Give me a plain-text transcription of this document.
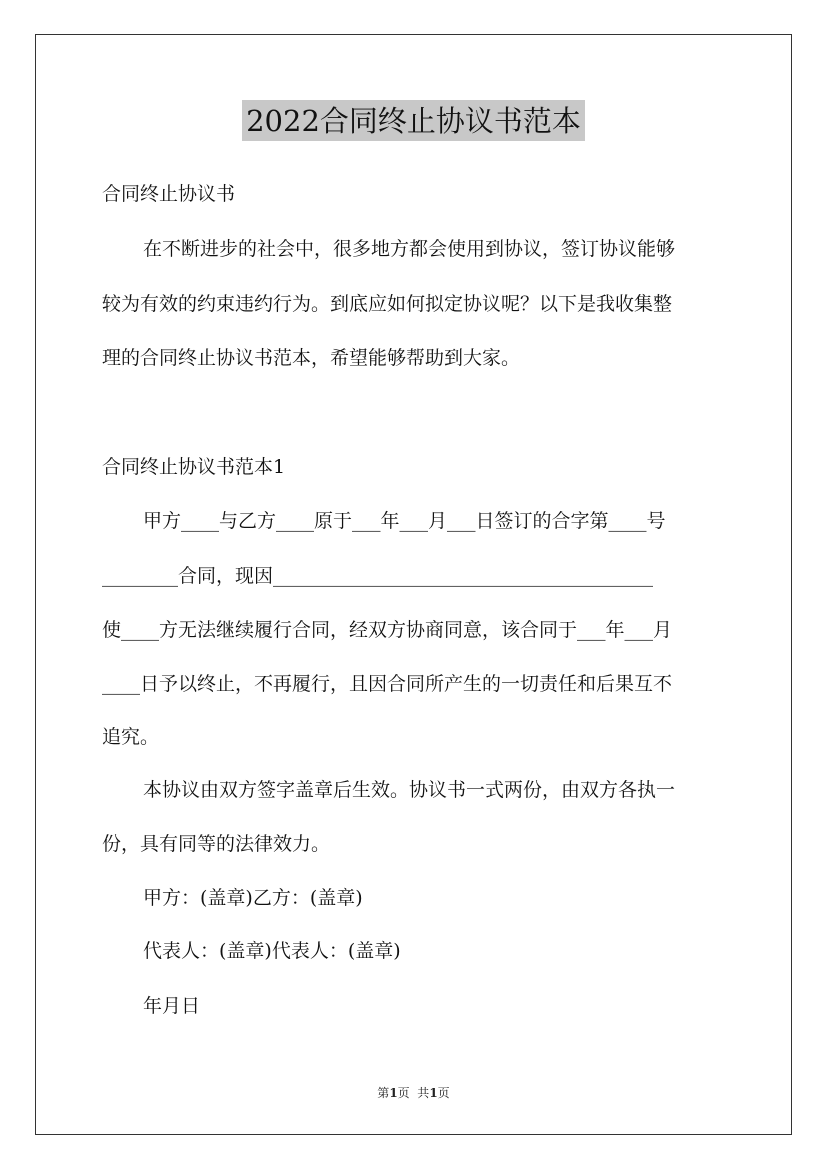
2022合同终止协议书范本
合同终止协议书
在不断进步的社会中，很多地方都会使用到协议，签订协议能够
较为有效的约束违约行为。到底应如何拟定协议呢？以下是我收集整
理的合同终止协议书范本，希望能够帮助到大家。
合同终止协议书范本1
甲方____与乙方____原于___年___月___日签订的合字第____号
________合同，现因________________________________________
使____方无法继续履行合同，经双方协商同意，该合同于___年___月
____日予以终止，不再履行，且因合同所产生的一切责任和后果互不
追究。
本协议由双方签字盖章后生效。协议书一式两份，由双方各执一
份，具有同等的法律效力。
甲方：(盖章)乙方：(盖章)
代表人：(盖章)代表人：(盖章)
年月日
第1页  共1页
